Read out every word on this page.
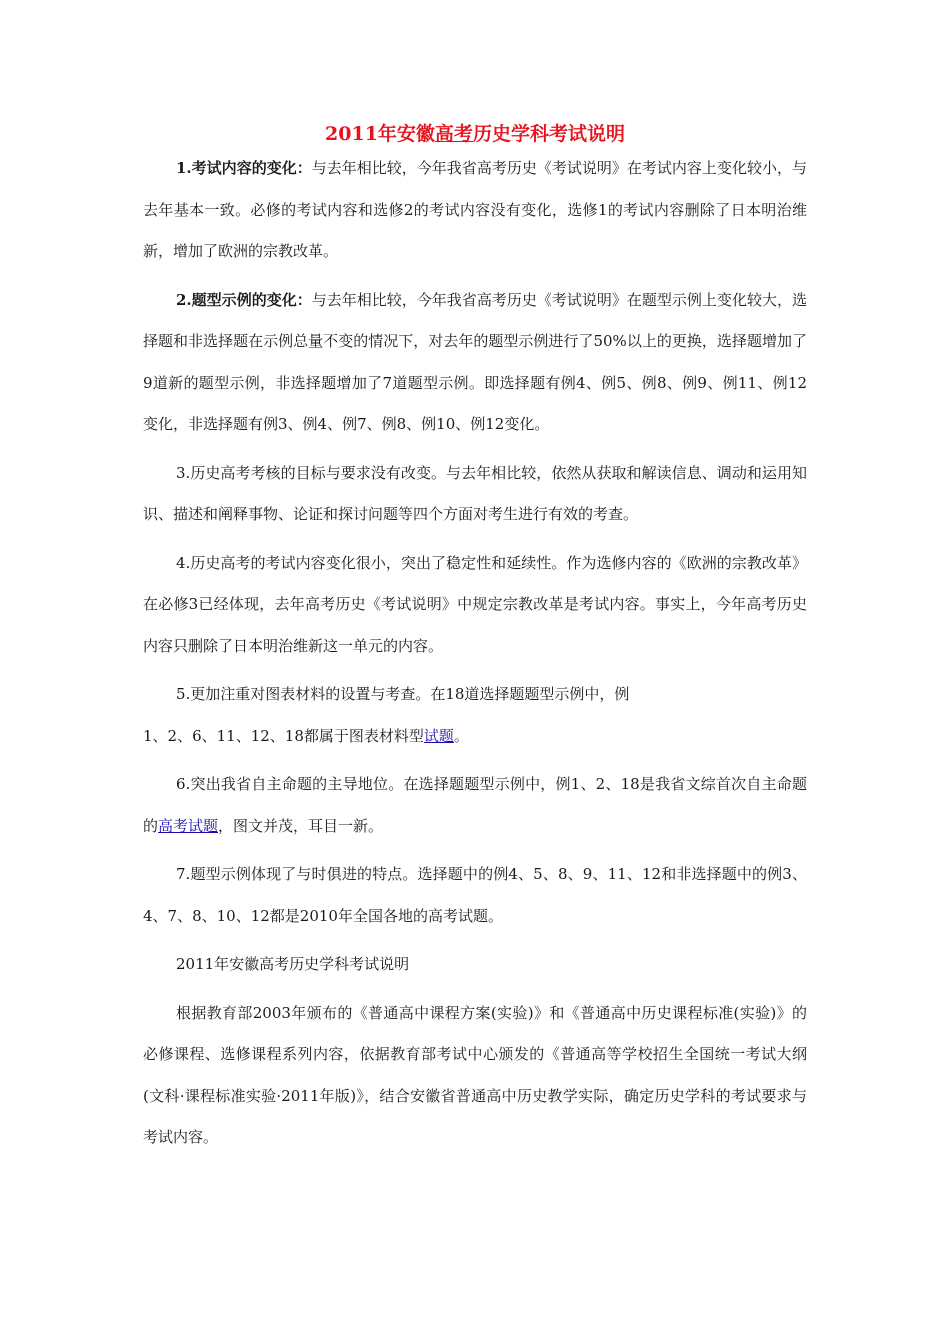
2011年安徽高考历史学科考试说明

1.考试内容的变化：与去年相比较，今年我省高考历史《考试说明》在考试内容上变化较小，与去年基本一致。必修的考试内容和选修2的考试内容没有变化，选修1的考试内容删除了日本明治维新，增加了欧洲的宗教改革。

2.题型示例的变化：与去年相比较，今年我省高考历史《考试说明》在题型示例上变化较大，选择题和非选择题在示例总量不变的情况下，对去年的题型示例进行了50%以上的更换，选择题增加了9道新的题型示例，非选择题增加了7道题型示例。即选择题有例4、例5、例8、例9、例11、例12变化，非选择题有例3、例4、例7、例8、例10、例12变化。

3.历史高考考核的目标与要求没有改变。与去年相比较，依然从获取和解读信息、调动和运用知识、描述和阐释事物、论证和探讨问题等四个方面对考生进行有效的考查。

4.历史高考的考试内容变化很小，突出了稳定性和延续性。作为选修内容的《欧洲的宗教改革》在必修3已经体现，去年高考历史《考试说明》中规定宗教改革是考试内容。事实上，今年高考历史内容只删除了日本明治维新这一单元的内容。

5.更加注重对图表材料的设置与考查。在18道选择题题型示例中，例
1、2、6、11、12、18都属于图表材料型试题。

6.突出我省自主命题的主导地位。在选择题题型示例中，例1、2、18是我省文综首次自主命题的高考试题，图文并茂，耳目一新。

7.题型示例体现了与时俱进的特点。选择题中的例4、5、8、9、11、12和非选择题中的例3、4、7、8、10、12都是2010年全国各地的高考试题。

2011年安徽高考历史学科考试说明

根据教育部2003年颁布的《普通高中课程方案(实验)》和《普通高中历史课程标准(实验)》的必修课程、选修课程系列内容，依据教育部考试中心颁发的《普通高等学校招生全国统一考试大纲(文科·课程标准实验·2011年版)》，结合安徽省普通高中历史教学实际，确定历史学科的考试要求与考试内容。
